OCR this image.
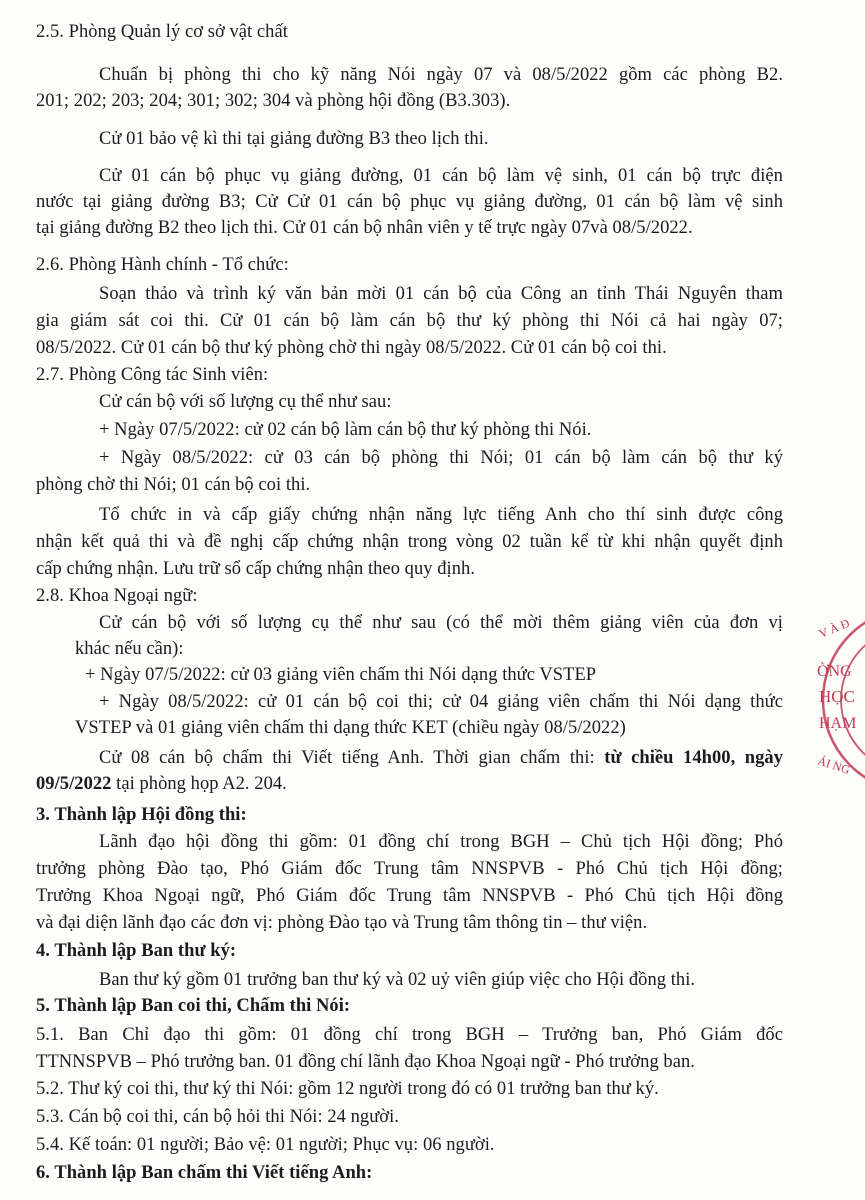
2.5. Phòng Quản lý cơ sở vật chất
Chuẩn bị phòng thi cho kỹ năng Nói ngày 07 và 08/5/2022 gồm các phòng B2.
201; 202; 203; 204; 301; 302; 304 và phòng hội đồng (B3.303).
Cử 01 bảo vệ kì thi tại giảng đường B3 theo lịch thi.
Cử 01 cán bộ phục vụ giảng đường, 01 cán bộ làm vệ sinh, 01 cán bộ trực điện
nước tại giảng đường B3; Cử Cử 01 cán bộ phục vụ giảng đường, 01 cán bộ làm vệ sinh
tại giảng đường B2 theo lịch thi. Cử 01 cán bộ nhân viên y tế trực ngày 07và 08/5/2022.
2.6. Phòng Hành chính - Tổ chức:
Soạn thảo và trình ký văn bản mời 01 cán bộ của Công an tỉnh Thái Nguyên tham
gia giám sát coi thi. Cử 01 cán bộ làm cán bộ thư ký phòng thi Nói cả hai ngày 07;
08/5/2022. Cử 01 cán bộ thư ký phòng chờ thi ngày 08/5/2022. Cử 01 cán bộ coi thi.
2.7. Phòng Công tác Sinh viên:
Cử cán bộ với số lượng cụ thể như sau:
+ Ngày 07/5/2022: cử 02 cán bộ làm cán bộ thư ký phòng thi Nói.
+ Ngày 08/5/2022: cử 03 cán bộ phòng thi Nói; 01 cán bộ làm cán bộ thư ký
phòng chờ thi Nói; 01 cán bộ coi thi.
Tổ chức in và cấp giấy chứng nhận năng lực tiếng Anh cho thí sinh được công
nhận kết quả thi và đề nghị cấp chứng nhận trong vòng 02 tuần kể từ khi nhận quyết định
cấp chứng nhận. Lưu trữ sổ cấp chứng nhận theo quy định.
2.8. Khoa Ngoại ngữ:
Cử cán bộ với số lượng cụ thể như sau (có thể mời thêm giảng viên của đơn vị
khác nếu cần):
+ Ngày 07/5/2022: cử 03 giảng viên chấm thi Nói dạng thức VSTEP
+ Ngày 08/5/2022: cử 01 cán bộ coi thi; cử 04 giảng viên chấm thi Nói dạng thức
VSTEP và 01 giảng viên chấm thi dạng thức KET (chiều ngày 08/5/2022)
Cử 08 cán bộ chấm thi Viết tiếng Anh. Thời gian chấm thi: từ chiều 14h00, ngày
09/5/2022 tại phòng họp A2. 204.
3. Thành lập Hội đồng thi:
Lãnh đạo hội đồng thi gồm: 01 đồng chí trong BGH – Chủ tịch Hội đồng; Phó
trưởng phòng Đào tạo, Phó Giám đốc Trung tâm NNSPVB - Phó Chủ tịch Hội đồng;
Trưởng Khoa Ngoại ngữ, Phó Giám đốc Trung tâm NNSPVB - Phó Chủ tịch Hội đồng
và đại diện lãnh đạo các đơn vị: phòng Đào tạo và Trung tâm thông tin – thư viện.
4. Thành lập Ban thư ký:
Ban thư ký gồm 01 trưởng ban thư ký và 02 uỷ viên giúp việc cho Hội đồng thi.
5. Thành lập Ban coi thi, Chấm thi Nói:
5.1. Ban Chỉ đạo thi gồm: 01 đồng chí trong BGH – Trưởng ban, Phó Giám đốc
TTNNSPVB – Phó trưởng ban. 01 đồng chí lãnh đạo Khoa Ngoại ngữ - Phó trưởng ban.
5.2. Thư ký coi thi, thư ký thi Nói: gồm 12 người trong đó có 01 trưởng ban thư ký.
5.3. Cán bộ coi thi, cán bộ hỏi thi Nói: 24 người.
5.4. Kế toán: 01 người; Bảo vệ: 01 người; Phục vụ: 06 người.
6. Thành lập Ban chấm thi Viết tiếng Anh:
V À Đ
ỜNG
HỌC
HẠM
ÁI NG
